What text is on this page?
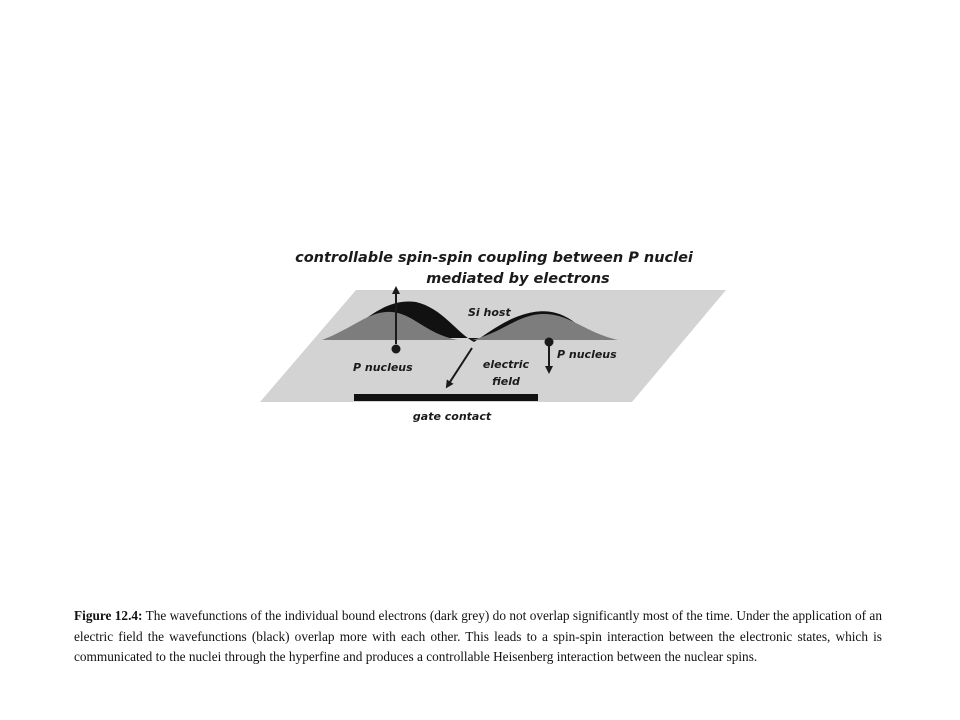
controllable spin-spin coupling between P nuclei
mediated by electrons
Si host
P nucleus
P nucleus
electric
field
gate contact

Figure 12.4: The wavefunctions of the individual bound electrons (dark grey) do not overlap significantly most of the time. Under the application of an electric field the wavefunctions (black) overlap more with each other. This leads to a spin-spin interaction between the electronic states, which is communicated to the nuclei through the hyperfine and produces a controllable Heisenberg interaction between the nuclear spins.
